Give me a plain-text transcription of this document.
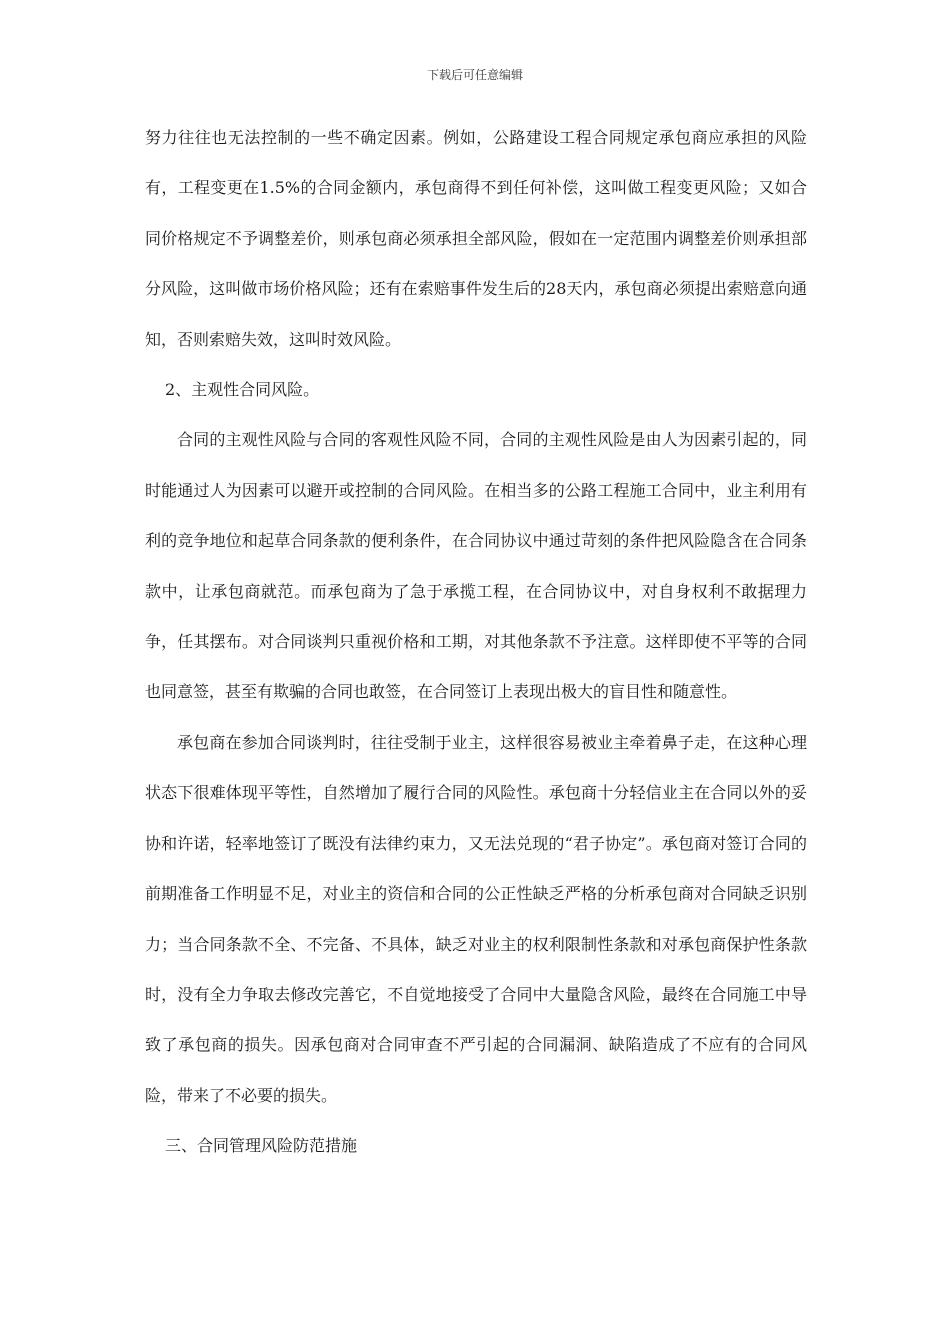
下载后可任意编辑

努力往往也无法控制的一些不确定因素。例如，公路建设工程合同规定承包商应承担的风险有，工程变更在1.5%的合同金额内，承包商得不到任何补偿，这叫做工程变更风险；又如合同价格规定不予调整差价，则承包商必须承担全部风险，假如在一定范围内调整差价则承担部分风险，这叫做市场价格风险；还有在索赔事件发生后的28天内，承包商必须提出索赔意向通知，否则索赔失效，这叫时效风险。

2、主观性合同风险。

合同的主观性风险与合同的客观性风险不同，合同的主观性风险是由人为因素引起的，同时能通过人为因素可以避开或控制的合同风险。在相当多的公路工程施工合同中，业主利用有利的竞争地位和起草合同条款的便利条件，在合同协议中通过苛刻的条件把风险隐含在合同条款中，让承包商就范。而承包商为了急于承揽工程，在合同协议中，对自身权利不敢据理力争，任其摆布。对合同谈判只重视价格和工期，对其他条款不予注意。这样即使不平等的合同也同意签，甚至有欺骗的合同也敢签，在合同签订上表现出极大的盲目性和随意性。

承包商在参加合同谈判时，往往受制于业主，这样很容易被业主牵着鼻子走，在这种心理状态下很难体现平等性，自然增加了履行合同的风险性。承包商十分轻信业主在合同以外的妥协和许诺，轻率地签订了既没有法律约束力，又无法兑现的“君子协定”。承包商对签订合同的前期准备工作明显不足，对业主的资信和合同的公正性缺乏严格的分析承包商对合同缺乏识别力；当合同条款不全、不完备、不具体，缺乏对业主的权利限制性条款和对承包商保护性条款时，没有全力争取去修改完善它，不自觉地接受了合同中大量隐含风险，最终在合同施工中导致了承包商的损失。因承包商对合同审查不严引起的合同漏洞、缺陷造成了不应有的合同风险，带来了不必要的损失。

三、合同管理风险防范措施
